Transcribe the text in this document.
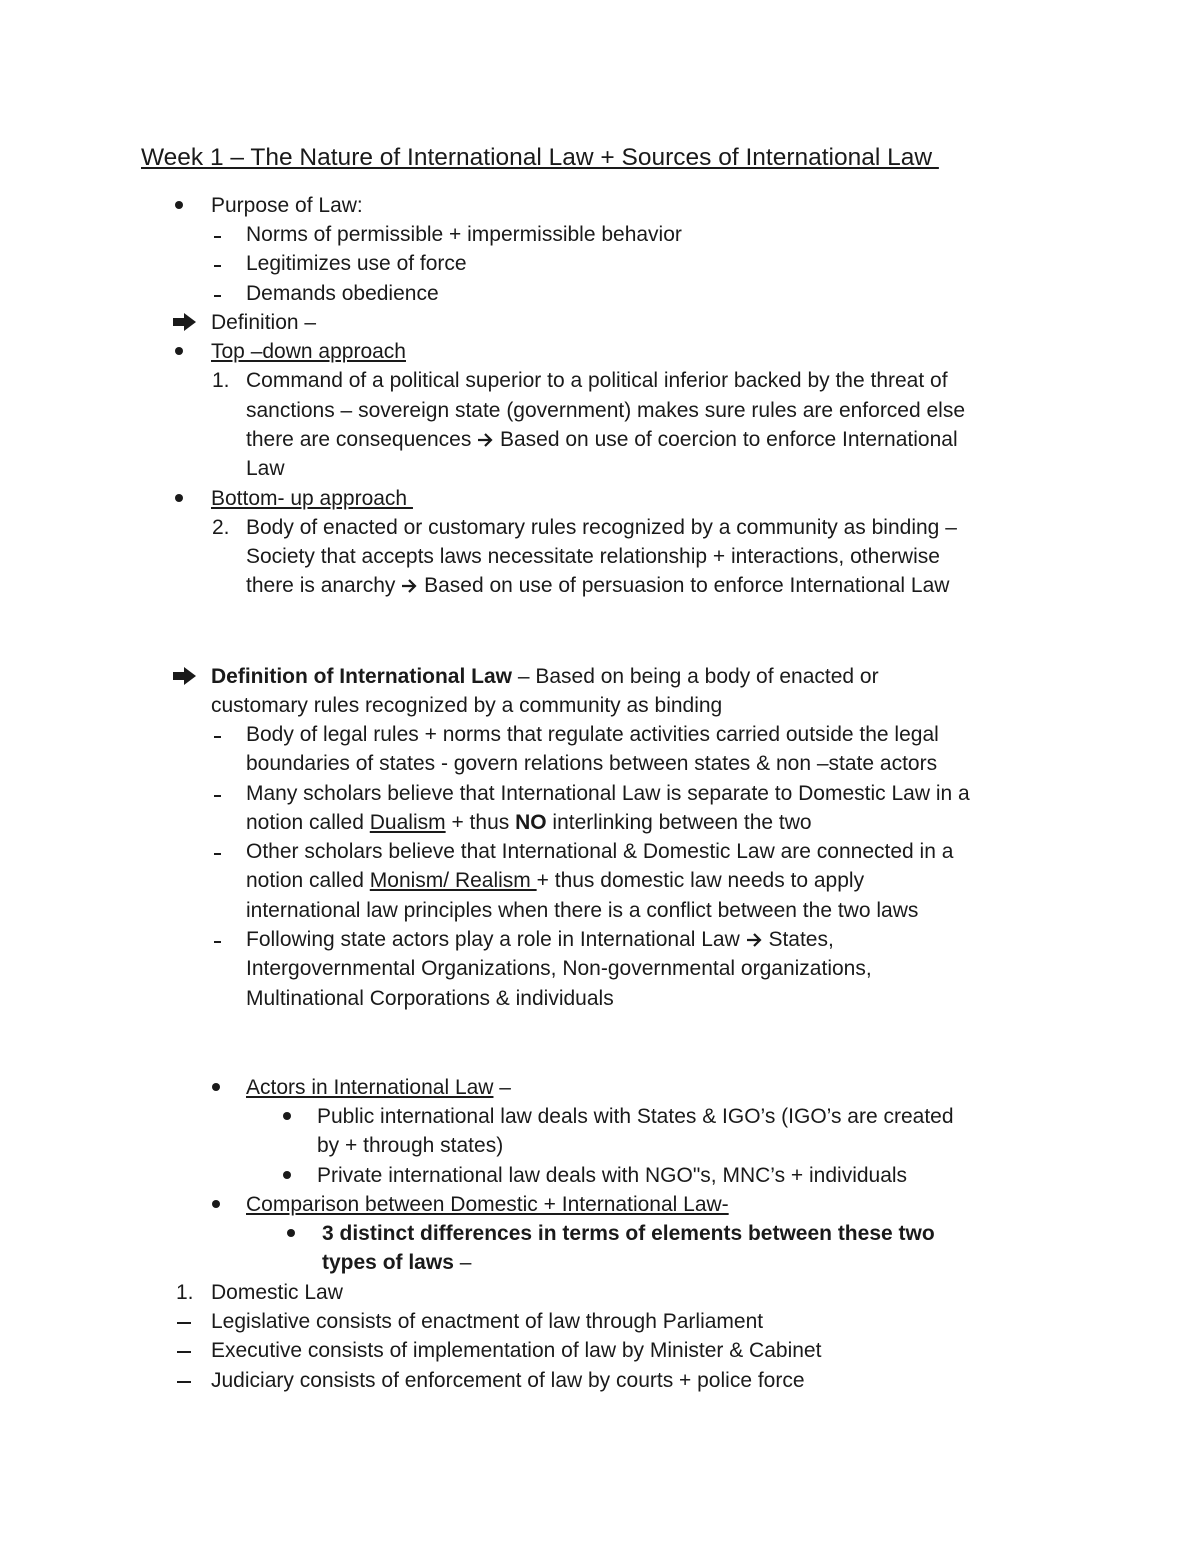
Week 1 – The Nature of International Law + Sources of International Law
Purpose of Law:
Norms of permissible + impermissible behavior
Legitimizes use of force
Demands obedience
Definition –
Top –down approach
1. Command of a political superior to a political inferior backed by the threat of
sanctions – sovereign state (government) makes sure rules are enforced else
there are consequences  Based on use of coercion to enforce International
Law
Bottom- up approach
2. Body of enacted or customary rules recognized by a community as binding –
Society that accepts laws necessitate relationship + interactions, otherwise
there is anarchy  Based on use of persuasion to enforce International Law
Definition of International Law – Based on being a body of enacted or
customary rules recognized by a community as binding
Body of legal rules + norms that regulate activities carried outside the legal
boundaries of states - govern relations between states & non –state actors
Many scholars believe that International Law is separate to Domestic Law in a
notion called Dualism + thus NO interlinking between the two
Other scholars believe that International & Domestic Law are connected in a
notion called Monism/ Realism + thus domestic law needs to apply
international law principles when there is a conflict between the two laws
Following state actors play a role in International Law  States,
Intergovernmental Organizations, Non-governmental organizations,
Multinational Corporations & individuals
Actors in International Law –
Public international law deals with States & IGO’s (IGO’s are created
by + through states)
Private international law deals with NGO"s, MNC’s + individuals
Comparison between Domestic + International Law-
3 distinct differences in terms of elements between these two
types of laws –
1. Domestic Law
Legislative consists of enactment of law through Parliament
Executive consists of implementation of law by Minister & Cabinet
Judiciary consists of enforcement of law by courts + police force
